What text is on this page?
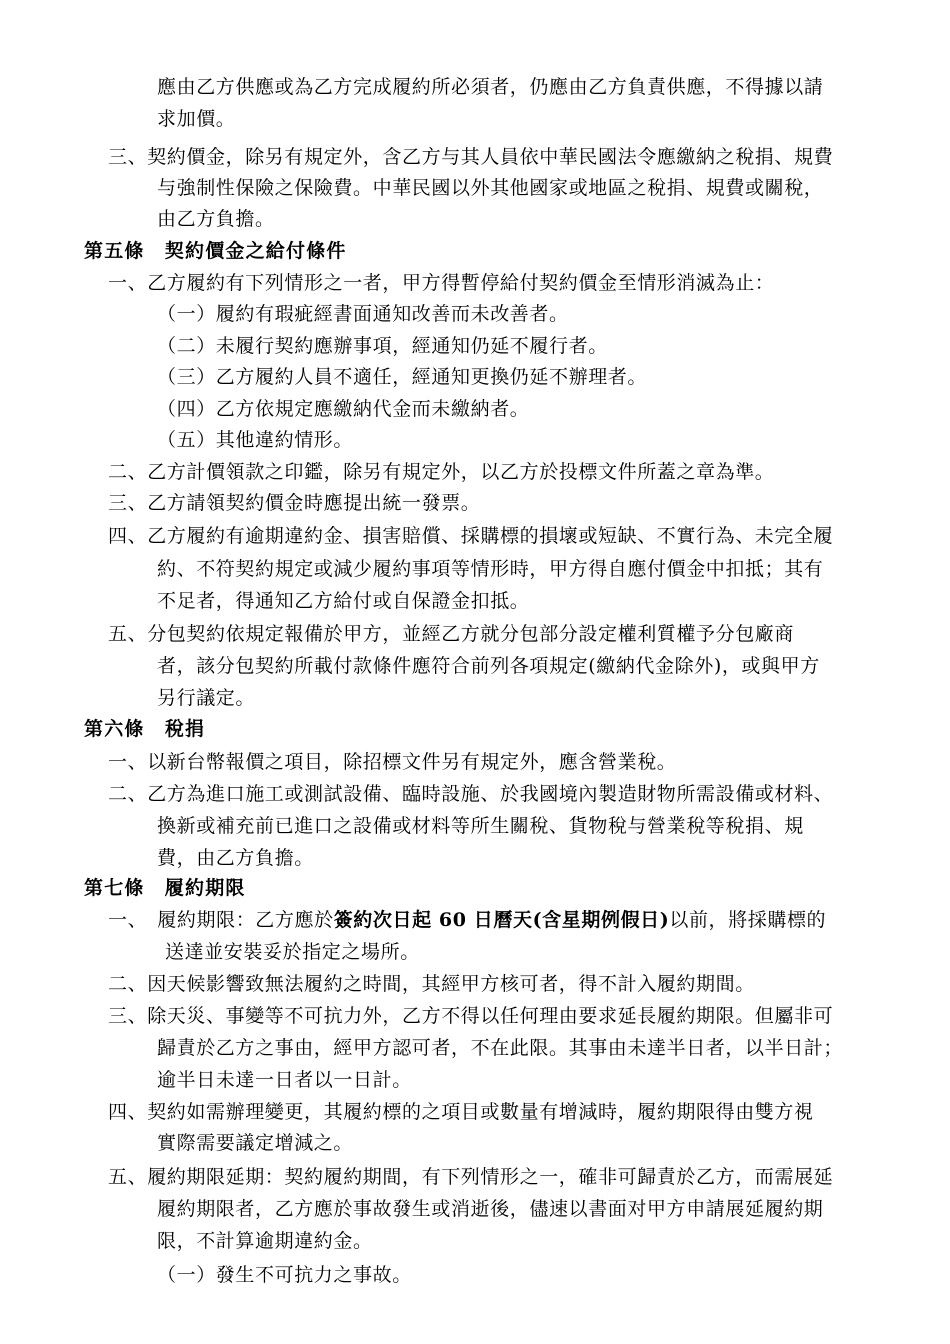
應由乙方供應或為乙方完成履約所必須者，仍應由乙方負責供應，不得據以請
求加價。
三、契約價金，除另有規定外，含乙方与其人員依中華民國法令應繳納之稅捐、規費
与強制性保險之保險費。中華民國以外其他國家或地區之稅捐、規費或關稅，
由乙方負擔。
第五條　契約價金之給付條件
一、乙方履約有下列情形之一者，甲方得暫停給付契約價金至情形消滅為止：
（一）履約有瑕疵經書面通知改善而未改善者。
（二）未履行契約應辦事項，經通知仍延不履行者。
（三）乙方履約人員不適任，經通知更換仍延不辦理者。
（四）乙方依規定應繳納代金而未繳納者。
（五）其他違約情形。
二、乙方計價領款之印鑑，除另有規定外，以乙方於投標文件所蓋之章為準。
三、乙方請領契約價金時應提出統一發票。
四、乙方履約有逾期違約金、損害賠償、採購標的損壞或短缺、不實行為、未完全履
約、不符契約規定或減少履約事項等情形時，甲方得自應付價金中扣抵；其有
不足者，得通知乙方給付或自保證金扣抵。
五、分包契約依規定報備於甲方，並經乙方就分包部分設定權利質權予分包廠商
者，該分包契約所載付款條件應符合前列各項規定(繳納代金除外)，或與甲方
另行議定。
第六條　稅捐
一、以新台幣報價之項目，除招標文件另有規定外，應含營業稅。
二、乙方為進口施工或測試設備、臨時設施、於我國境內製造財物所需設備或材料、
換新或補充前已進口之設備或材料等所生關稅、貨物稅与營業稅等稅捐、規
費，由乙方負擔。
第七條　履約期限
一、　履約期限：乙方應於簽約次日起 60 日曆天(含星期例假日)以前，將採購標的
送達並安裝妥於指定之場所。
二、因天候影響致無法履約之時間，其經甲方核可者，得不計入履約期間。
三、除天災、事變等不可抗力外，乙方不得以任何理由要求延長履約期限。但屬非可
歸責於乙方之事由，經甲方認可者，不在此限。其事由未達半日者，以半日計；
逾半日未達一日者以一日計。
四、契約如需辦理變更，其履約標的之項目或數量有增減時，履約期限得由雙方視
實際需要議定增減之。
五、履約期限延期：契約履約期間，有下列情形之一，確非可歸責於乙方，而需展延
履約期限者，乙方應於事故發生或消逝後，儘速以書面对甲方申請展延履約期
限，不計算逾期違約金。
（一）發生不可抗力之事故。
